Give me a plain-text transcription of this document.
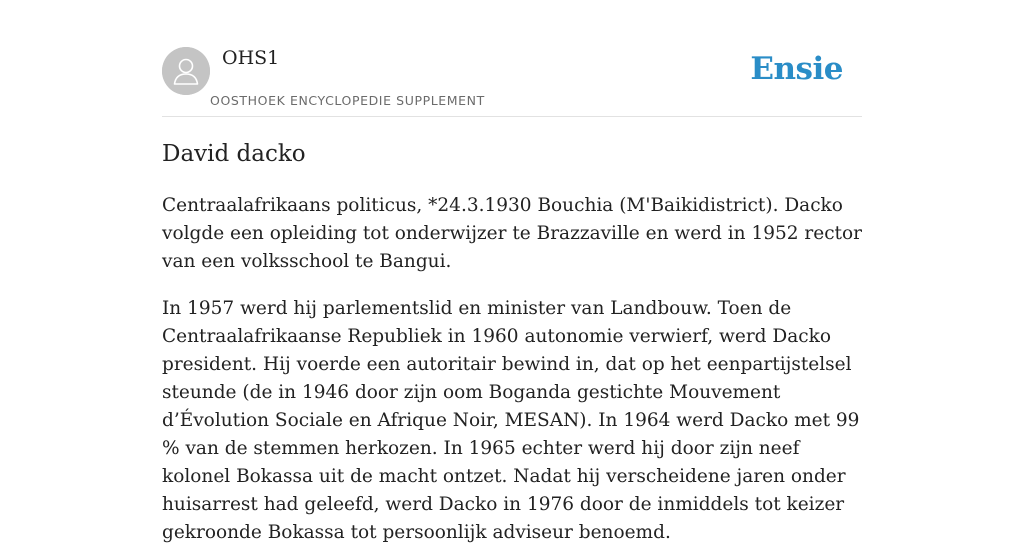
OHS1
OOSTHOEK ENCYCLOPEDIE SUPPLEMENT
Ensie
David dacko

Centraalafrikaans politicus, *24.3.1930 Bouchia (M'Baikidistrict). Dacko volgde een opleiding tot onderwijzer te Brazzaville en werd in 1952 rector van een volksschool te Bangui.

In 1957 werd hij parlementslid en minister van Landbouw. Toen de Centraalafrikaanse Republiek in 1960 autonomie verwierf, werd Dacko president. Hij voerde een autoritair bewind in, dat op het eenpartijstelsel steunde (de in 1946 door zijn oom Boganda gestichte Mouvement d’Évolution Sociale en Afrique Noir, MESAN). In 1964 werd Dacko met 99 % van de stemmen herkozen. In 1965 echter werd hij door zijn neef kolonel Bokassa uit de macht ontzet. Nadat hij verscheidene jaren onder huisarrest had geleefd, werd Dacko in 1976 door de inmiddels tot keizer gekroonde Bokassa tot persoonlijk adviseur benoemd.
